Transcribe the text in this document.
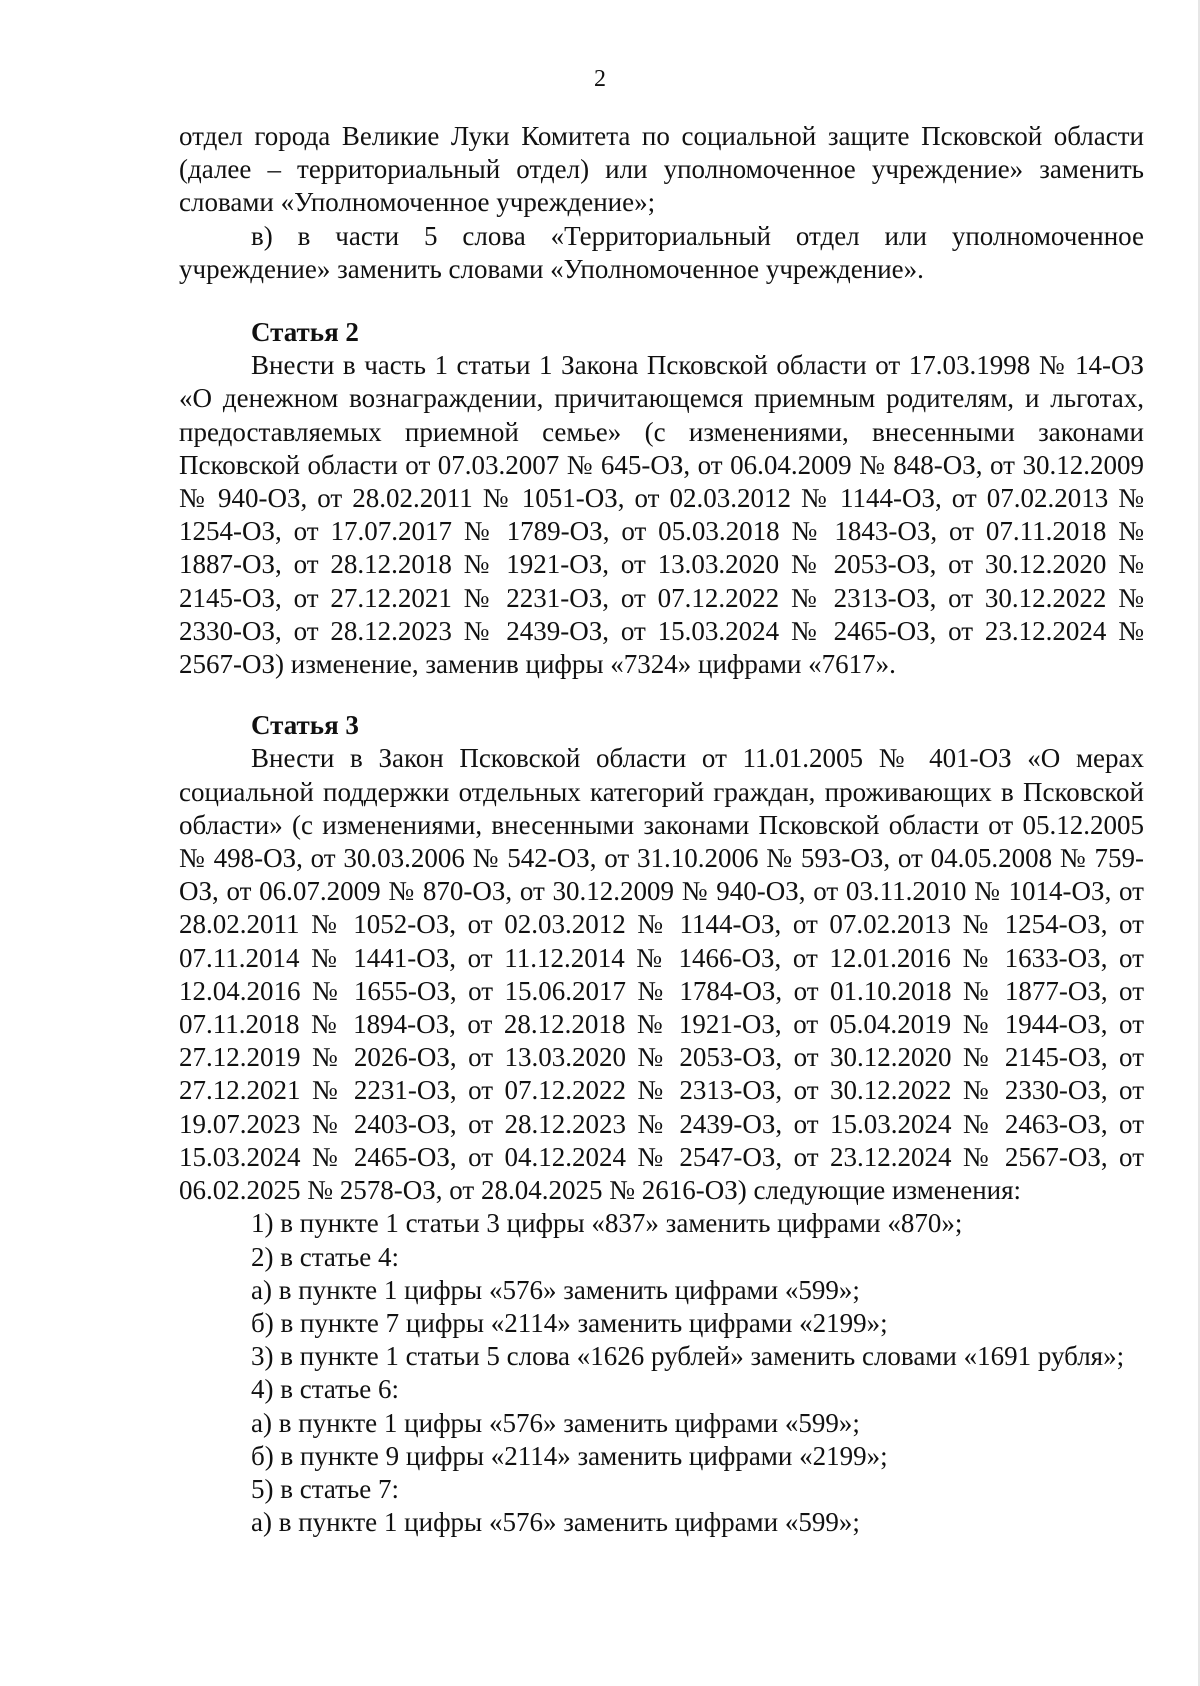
2

отдел города Великие Луки Комитета по социальной защите Псковской области (далее – территориальный отдел) или уполномоченное учреждение» заменить словами «Уполномоченное учреждение»;

в) в части 5 слова «Территориальный отдел или уполномоченное учреждение» заменить словами «Уполномоченное учреждение».

Статья 2

Внести в часть 1 статьи 1 Закона Псковской области от 17.03.1998 № 14-ОЗ «О денежном вознаграждении, причитающемся приемным родителям, и льготах, предоставляемых приемной семье» (с изменениями, внесенными законами Псковской области от 07.03.2007 № 645-ОЗ, от 06.04.2009 № 848-ОЗ, от 30.12.2009 № 940-ОЗ, от 28.02.2011 № 1051-ОЗ, от 02.03.2012 № 1144-ОЗ, от 07.02.2013 № 1254-ОЗ, от 17.07.2017 № 1789-ОЗ, от 05.03.2018 № 1843-ОЗ, от 07.11.2018 № 1887-ОЗ, от 28.12.2018 № 1921-ОЗ, от 13.03.2020 № 2053-ОЗ, от 30.12.2020 № 2145-ОЗ, от 27.12.2021 № 2231-ОЗ, от 07.12.2022 № 2313-ОЗ, от 30.12.2022 № 2330-ОЗ, от 28.12.2023 № 2439-ОЗ, от 15.03.2024 № 2465-ОЗ, от 23.12.2024 № 2567-ОЗ) изменение, заменив цифры «7324» цифрами «7617».

Статья 3

Внести в Закон Псковской области от 11.01.2005 № 401-ОЗ «О мерах социальной поддержки отдельных категорий граждан, проживающих в Псковской области» (с изменениями, внесенными законами Псковской области от 05.12.2005 № 498-ОЗ, от 30.03.2006 № 542-ОЗ, от 31.10.2006 № 593-ОЗ, от 04.05.2008 № 759-ОЗ, от 06.07.2009 № 870-ОЗ, от 30.12.2009 № 940-ОЗ, от 03.11.2010 № 1014-ОЗ, от 28.02.2011 № 1052-ОЗ, от 02.03.2012 № 1144-ОЗ, от 07.02.2013 № 1254-ОЗ, от 07.11.2014 № 1441-ОЗ, от 11.12.2014 № 1466-ОЗ, от 12.01.2016 № 1633-ОЗ, от 12.04.2016 № 1655-ОЗ, от 15.06.2017 № 1784-ОЗ, от 01.10.2018 № 1877-ОЗ, от 07.11.2018 № 1894-ОЗ, от 28.12.2018 № 1921-ОЗ, от 05.04.2019 № 1944-ОЗ, от 27.12.2019 № 2026-ОЗ, от 13.03.2020 № 2053-ОЗ, от 30.12.2020 № 2145-ОЗ, от 27.12.2021 № 2231-ОЗ, от 07.12.2022 № 2313-ОЗ, от 30.12.2022 № 2330-ОЗ, от 19.07.2023 № 2403-ОЗ, от 28.12.2023 № 2439-ОЗ, от 15.03.2024 № 2463-ОЗ, от 15.03.2024 № 2465-ОЗ, от 04.12.2024 № 2547-ОЗ, от 23.12.2024 № 2567-ОЗ, от 06.02.2025 № 2578-ОЗ, от 28.04.2025 № 2616-ОЗ) следующие изменения:

1) в пункте 1 статьи 3 цифры «837» заменить цифрами «870»;

2) в статье 4:

а) в пункте 1 цифры «576» заменить цифрами «599»;

б) в пункте 7 цифры «2114» заменить цифрами «2199»;

3) в пункте 1 статьи 5 слова «1626 рублей» заменить словами «1691 рубля»;

4) в статье 6:

а) в пункте 1 цифры «576» заменить цифрами «599»;

б) в пункте 9 цифры «2114» заменить цифрами «2199»;

5) в статье 7:

а) в пункте 1 цифры «576» заменить цифрами «599»;
